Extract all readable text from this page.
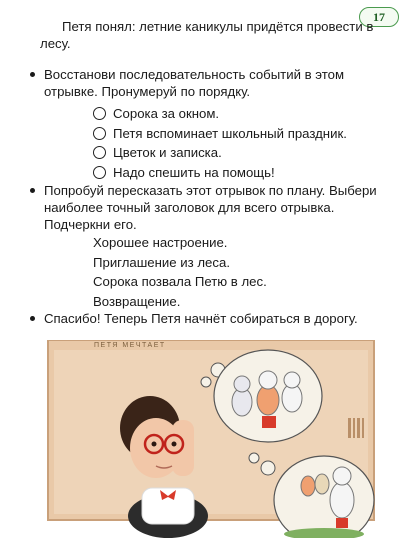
17
Петя понял: летние каникулы придётся провести в лесу.
Восстанови последовательность событий в этом отрывке. Пронумеруй по порядку.
Сорока за окном.
Петя вспоминает школьный праздник.
Цветок и записка.
Надо спешить на помощь!
Попробуй пересказать этот отрывок по плану. Выбери наиболее точный заголовок для всего отрывка. Подчеркни его.
Хорошее настроение.
Приглашение из леса.
Сорока позвала Петю в лес.
Возвращение.
Спасибо! Теперь Петя начнёт собираться в дорогу.
ПЕТЯ МЕЧТАЕТ
